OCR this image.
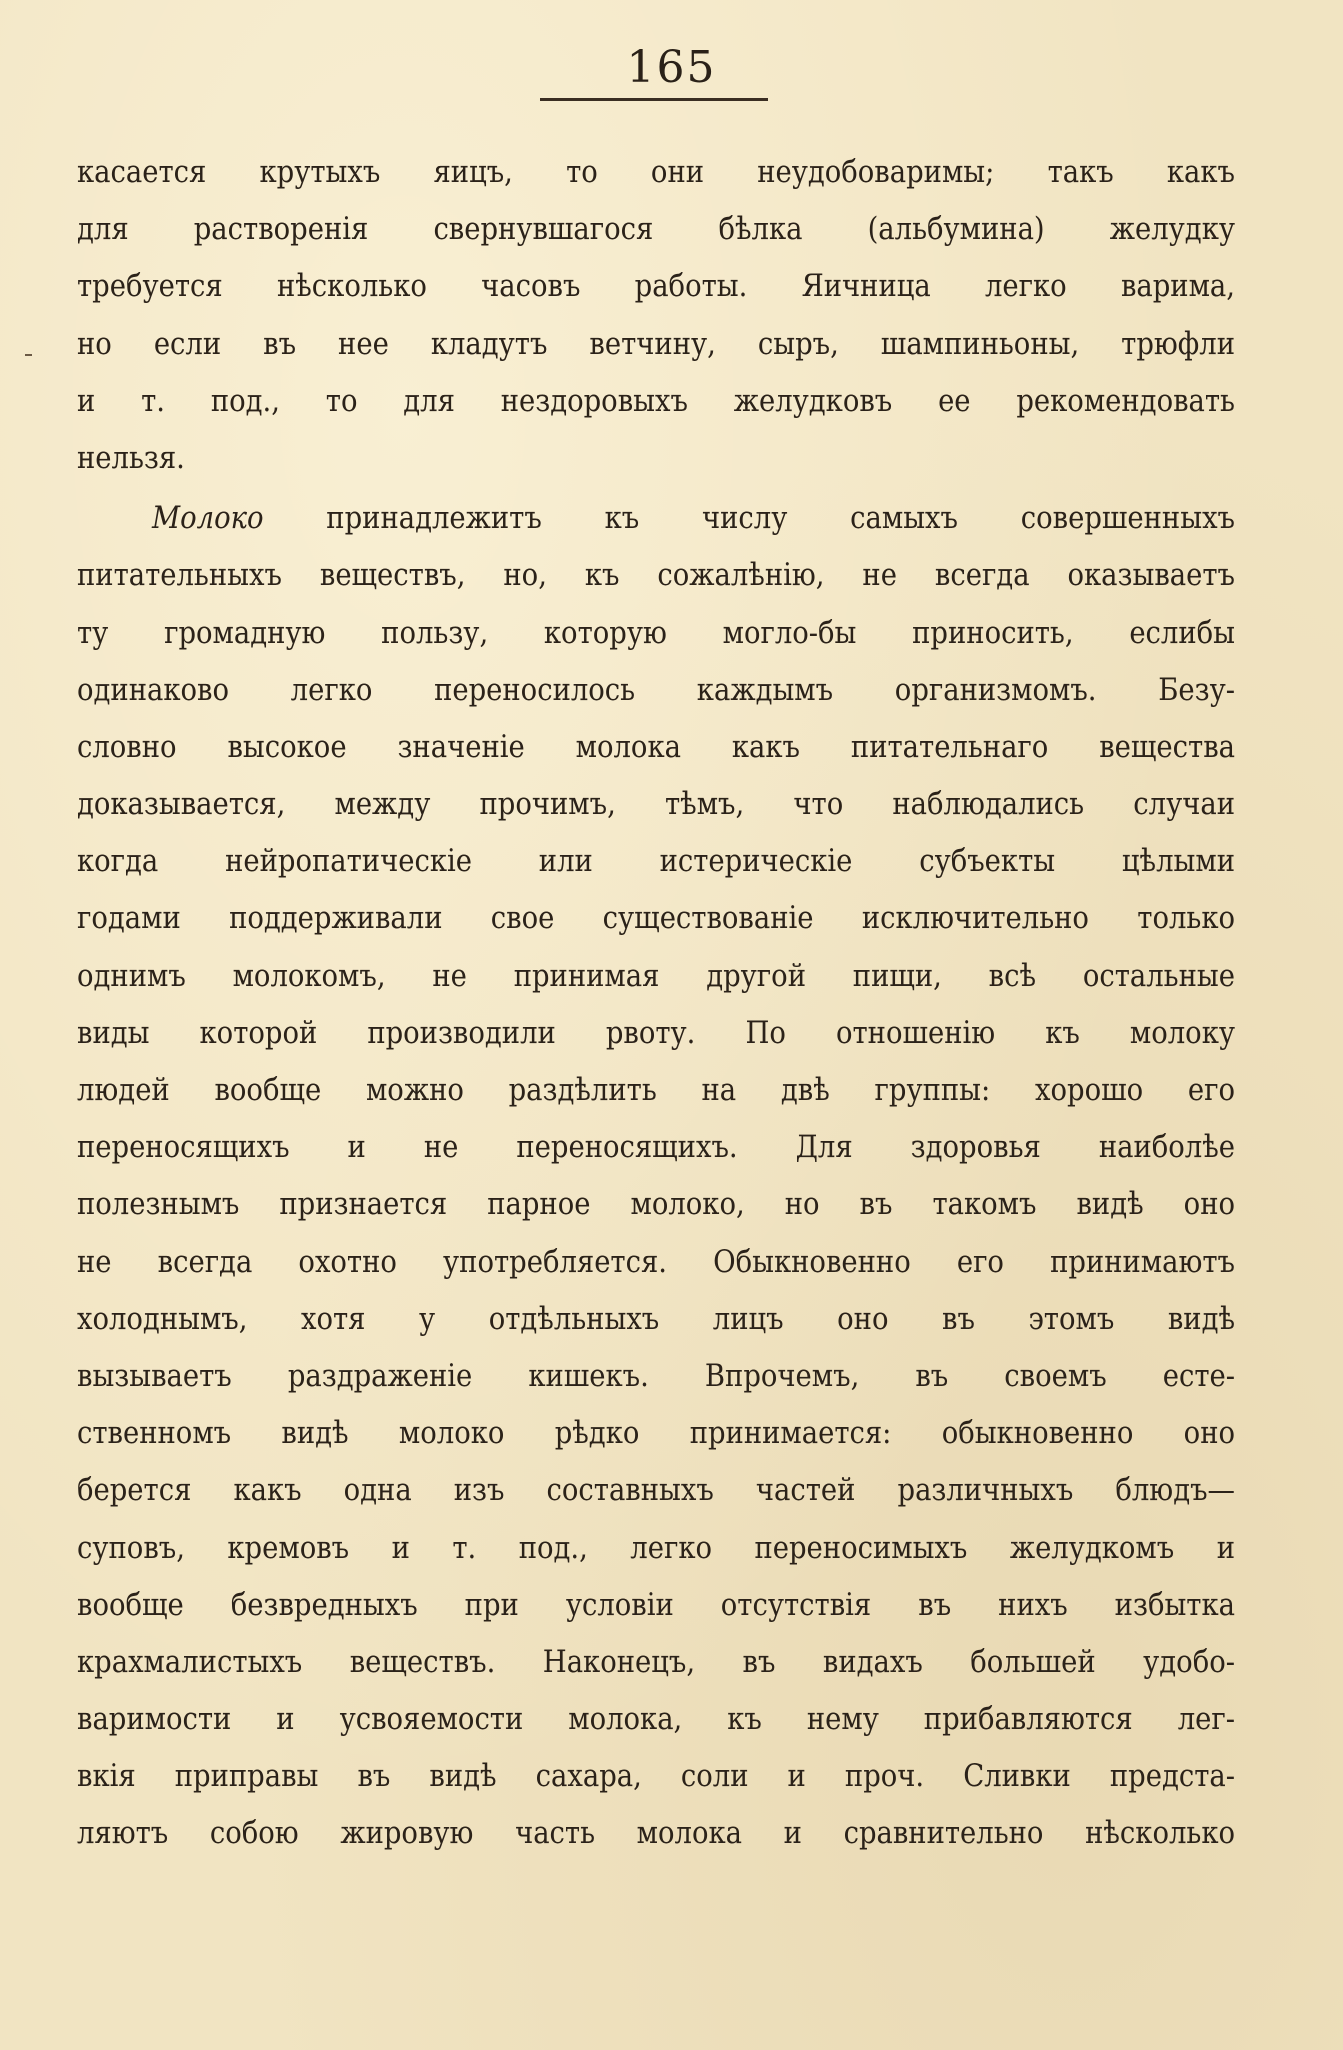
165
касается крутыхъ яицъ, то они неудобоваримы; такъ какъ
для растворенія свернувшагося бѣлка (альбумина) желудку
требуется нѣсколько часовъ работы. Яичница легко варима,
но если въ нее кладутъ ветчину, сыръ, шампиньоны, трюфли
и т. под., то для нездоровыхъ желудковъ ее рекомендовать
нельзя.
Молоко принадлежитъ къ числу самыхъ совершенныхъ
питательныхъ веществъ, но, къ сожалѣнію, не всегда оказываетъ
ту громадную пользу, которую могло-бы приносить, еслибы
одинаково легко переносилось каждымъ организмомъ. Безу-
словно высокое значеніе молока какъ питательнаго вещества
доказывается, между прочимъ, тѣмъ, что наблюдались случаи
когда нейропатическіе или истерическіе субъекты цѣлыми
годами поддерживали свое существованіе исключительно только
однимъ молокомъ, не принимая другой пищи, всѣ остальные
виды которой производили рвоту. По отношенію къ молоку
людей вообще можно раздѣлить на двѣ группы: хорошо его
переносящихъ и не переносящихъ. Для здоровья наиболѣе
полезнымъ признается парное молоко, но въ такомъ видѣ оно
не всегда охотно употребляется. Обыкновенно его принимаютъ
холоднымъ, хотя у отдѣльныхъ лицъ оно въ этомъ видѣ
вызываетъ раздраженіе кишекъ. Впрочемъ, въ своемъ есте-
ственномъ видѣ молоко рѣдко принимается: обыкновенно оно
берется какъ одна изъ составныхъ частей различныхъ блюдъ—
суповъ, кремовъ и т. под., легко переносимыхъ желудкомъ и
вообще безвредныхъ при условіи отсутствія въ нихъ избытка
крахмалистыхъ веществъ. Наконецъ, въ видахъ большей удобо-
варимости и усвояемости молока, къ нему прибавляются лег-
вкія приправы въ видѣ сахара, соли и проч. Сливки предста-
ляютъ собою жировую часть молока и сравнительно нѣсколько
